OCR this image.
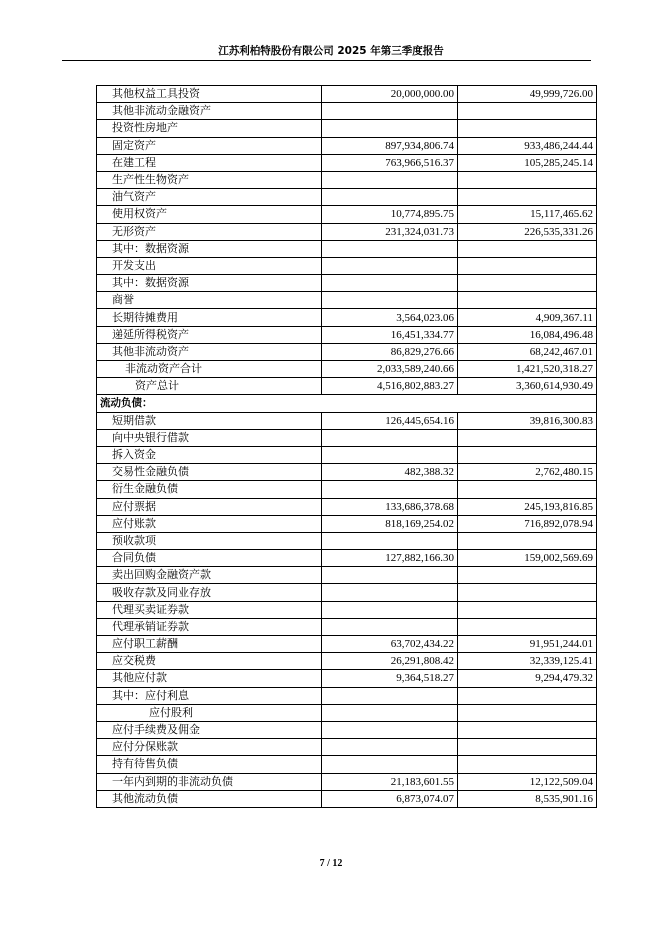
江苏利柏特股份有限公司 2025 年第三季度报告
其他权益工具投资	20,000,000.00	49,999,726.00
其他非流动金融资产		
投资性房地产		
固定资产	897,934,806.74	933,486,244.44
在建工程	763,966,516.37	105,285,245.14
生产性生物资产		
油气资产		
使用权资产	10,774,895.75	15,117,465.62
无形资产	231,324,031.73	226,535,331.26
其中：数据资源		
开发支出		
其中：数据资源		
商誉		
长期待摊费用	3,564,023.06	4,909,367.11
递延所得税资产	16,451,334.77	16,084,496.48
其他非流动资产	86,829,276.66	68,242,467.01
非流动资产合计	2,033,589,240.66	1,421,520,318.27
资产总计	4,516,802,883.27	3,360,614,930.49
流动负债：		
短期借款	126,445,654.16	39,816,300.83
向中央银行借款		
拆入资金		
交易性金融负债	482,388.32	2,762,480.15
衍生金融负债		
应付票据	133,686,378.68	245,193,816.85
应付账款	818,169,254.02	716,892,078.94
预收款项		
合同负债	127,882,166.30	159,002,569.69
卖出回购金融资产款		
吸收存款及同业存放		
代理买卖证券款		
代理承销证券款		
应付职工薪酬	63,702,434.22	91,951,244.01
应交税费	26,291,808.42	32,339,125.41
其他应付款	9,364,518.27	9,294,479.32
其中：应付利息		
应付股利		
应付手续费及佣金		
应付分保账款		
持有待售负债		
一年内到期的非流动负债	21,183,601.55	12,122,509.04
其他流动负债	6,873,074.07	8,535,901.16
7 / 12
